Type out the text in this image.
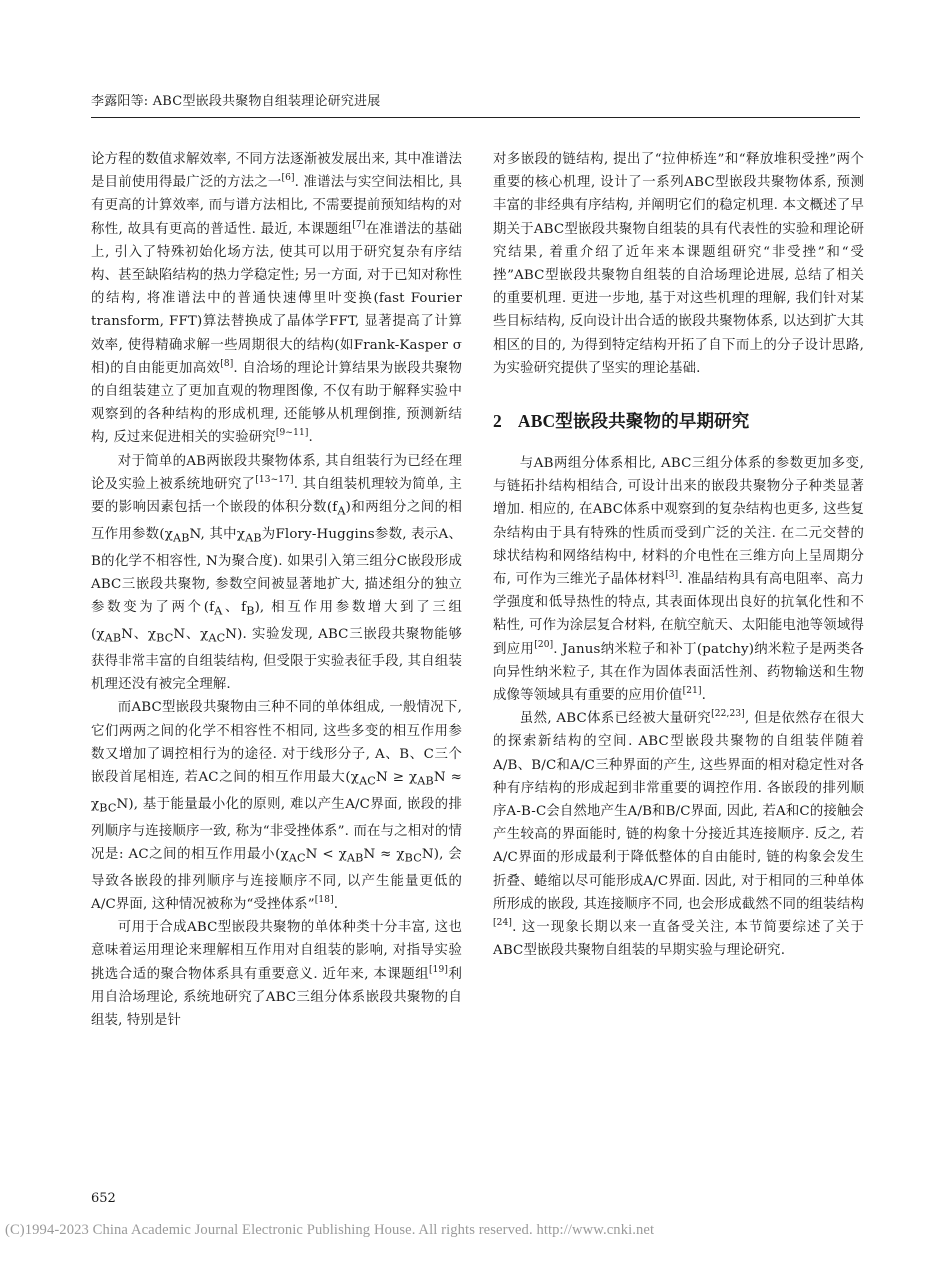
李露阳等: ABC型嵌段共聚物自组装理论研究进展

论方程的数值求解效率, 不同方法逐渐被发展出来, 其中准谱法是目前使用得最广泛的方法之一[6]. 准谱法与实空间法相比, 具有更高的计算效率, 而与谱方法相比, 不需要提前预知结构的对称性, 故具有更高的普适性. 最近, 本课题组[7]在准谱法的基础上, 引入了特殊初始化场方法, 使其可以用于研究复杂有序结构、甚至缺陷结构的热力学稳定性; 另一方面, 对于已知对称性的结构, 将准谱法中的普通快速傅里叶变换(fast Fourier transform, FFT)算法替换成了晶体学FFT, 显著提高了计算效率, 使得精确求解一些周期很大的结构(如Frank-Kasper σ相)的自由能更加高效[8]. 自洽场的理论计算结果为嵌段共聚物的自组装建立了更加直观的物理图像, 不仅有助于解释实验中观察到的各种结构的形成机理, 还能够从机理倒推, 预测新结构, 反过来促进相关的实验研究[9~11].

对于简单的AB两嵌段共聚物体系, 其自组装行为已经在理论及实验上被系统地研究了[13~17]. 其自组装机理较为简单, 主要的影响因素包括一个嵌段的体积分数$(f_A)$和两组分之间的相互作用参数($\chi_{AB}N$, 其中$\chi_{AB}$为Flory-Huggins参数, 表示A、B的化学不相容性, N为聚合度). 如果引入第三组分C嵌段形成ABC三嵌段共聚物, 参数空间被显著地扩大, 描述组分的独立参数变为了两个($f_A$、$f_B$), 相互作用参数增大到了三组($\chi_{AB}N$、$\chi_{BC}N$、$\chi_{AC}N$). 实验发现, ABC三嵌段共聚物能够获得非常丰富的自组装结构, 但受限于实验表征手段, 其自组装机理还没有被完全理解.

而ABC型嵌段共聚物由三种不同的单体组成, 一般情况下, 它们两两之间的化学不相容性不相同, 这些多变的相互作用参数又增加了调控相行为的途径. 对于线形分子, A、B、C三个嵌段首尾相连, 若AC之间的相互作用最大$(\chi_{AC}N \ge \chi_{AB}N \approx \chi_{BC}N)$, 基于能量最小化的原则, 难以产生A/C界面, 嵌段的排列顺序与连接顺序一致, 称为“非受挫体系”. 而在与之相对的情况是: AC之间的相互作用最小$(\chi_{AC}N < \chi_{AB}N \approx \chi_{BC}N)$, 会导致各嵌段的排列顺序与连接顺序不同, 以产生能量更低的A/C界面, 这种情况被称为“受挫体系”[18].

可用于合成ABC型嵌段共聚物的单体种类十分丰富, 这也意味着运用理论来理解相互作用对自组装的影响, 对指导实验挑选合适的聚合物体系具有重要意义. 近年来, 本课题组[19]利用自洽场理论, 系统地研究了ABC三组分体系嵌段共聚物的自组装, 特别是针

对多嵌段的链结构, 提出了“拉伸桥连”和“释放堆积受挫”两个重要的核心机理, 设计了一系列ABC型嵌段共聚物体系, 预测丰富的非经典有序结构, 并阐明它们的稳定机理. 本文概述了早期关于ABC型嵌段共聚物自组装的具有代表性的实验和理论研究结果, 着重介绍了近年来本课题组研究“非受挫”和“受挫”ABC型嵌段共聚物自组装的自洽场理论进展, 总结了相关的重要机理. 更进一步地, 基于对这些机理的理解, 我们针对某些目标结构, 反向设计出合适的嵌段共聚物体系, 以达到扩大其相区的目的, 为得到特定结构开拓了自下而上的分子设计思路, 为实验研究提供了坚实的理论基础.

2 ABC型嵌段共聚物的早期研究

与AB两组分体系相比, ABC三组分体系的参数更加多变, 与链拓扑结构相结合, 可设计出来的嵌段共聚物分子种类显著增加. 相应的, 在ABC体系中观察到的复杂结构也更多, 这些复杂结构由于具有特殊的性质而受到广泛的关注. 在二元交替的球状结构和网络结构中, 材料的介电性在三维方向上呈周期分布, 可作为三维光子晶体材料[3]. 准晶结构具有高电阻率、高力学强度和低导热性的特点, 其表面体现出良好的抗氧化性和不粘性, 可作为涂层复合材料, 在航空航天、太阳能电池等领域得到应用[20]. Janus纳米粒子和补丁(patchy)纳米粒子是两类各向异性纳米粒子, 其在作为固体表面活性剂、药物输送和生物成像等领域具有重要的应用价值[21].

虽然, ABC体系已经被大量研究[22,23], 但是依然存在很大的探索新结构的空间. ABC型嵌段共聚物的自组装伴随着A/B、B/C和A/C三种界面的产生, 这些界面的相对稳定性对各种有序结构的形成起到非常重要的调控作用. 各嵌段的排列顺序A-B-C会自然地产生A/B和B/C界面, 因此, 若A和C的接触会产生较高的界面能时, 链的构象十分接近其连接顺序. 反之, 若A/C界面的形成最利于降低整体的自由能时, 链的构象会发生折叠、蜷缩以尽可能形成A/C界面. 因此, 对于相同的三种单体所形成的嵌段, 其连接顺序不同, 也会形成截然不同的组装结构[24]. 这一现象长期以来一直备受关注, 本节简要综述了关于ABC型嵌段共聚物自组装的早期实验与理论研究.

652
(C)1994-2023 China Academic Journal Electronic Publishing House. All rights reserved. http://www.cnki.net
